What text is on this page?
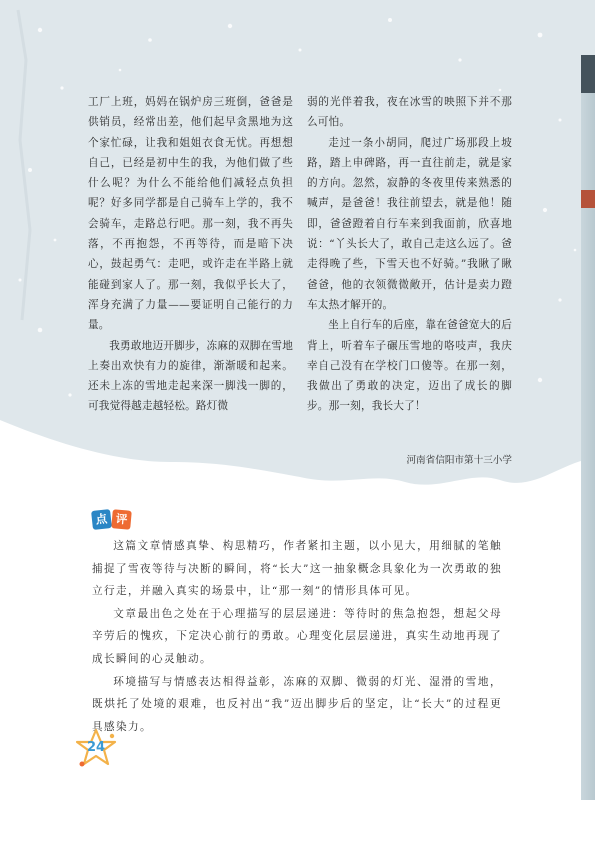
工厂上班，妈妈在锅炉房三班倒，爸爸是供销员，经常出差，他们起早贪黑地为这个家忙碌，让我和姐姐衣食无忧。再想想自己，已经是初中生的我，为他们做了些什么呢？为什么不能给他们减轻点负担呢？好多同学都是自己骑车上学的，我不会骑车，走路总行吧。那一刻，我不再失落，不再抱怨，不再等待，而是暗下决心，鼓起勇气：走吧，或许走在半路上就能碰到家人了。那一刻，我似乎长大了，浑身充满了力量——要证明自己能行的力量。

我勇敢地迈开脚步，冻麻的双脚在雪地上奏出欢快有力的旋律，渐渐暖和起来。还未上冻的雪地走起来深一脚浅一脚的，可我觉得越走越轻松。路灯微

弱的光伴着我，夜在冰雪的映照下并不那么可怕。

走过一条小胡同，爬过广场那段上坡路，踏上申碑路，再一直往前走，就是家的方向。忽然，寂静的冬夜里传来熟悉的喊声，是爸爸！我往前望去，就是他！随即，爸爸蹬着自行车来到我面前，欣喜地说：“丫头长大了，敢自己走这么远了。爸走得晚了些，下雪天也不好骑。”我瞅了瞅爸爸，他的衣领微微敞开，估计是卖力蹬车太热才解开的。

坐上自行车的后座，靠在爸爸宽大的后背上，听着车子碾压雪地的咯吱声，我庆幸自己没有在学校门口傻等。在那一刻，我做出了勇敢的决定，迈出了成长的脚步。那一刻，我长大了！

河南省信阳市第十三小学
点 评

这篇文章情感真挚、构思精巧，作者紧扣主题，以小见大，用细腻的笔触捕捉了雪夜等待与决断的瞬间，将“长大”这一抽象概念具象化为一次勇敢的独立行走，并融入真实的场景中，让“那一刻”的情形具体可见。

文章最出色之处在于心理描写的层层递进：等待时的焦急抱怨，想起父母辛劳后的愧疚，下定决心前行的勇敢。心理变化层层递进，真实生动地再现了成长瞬间的心灵触动。

环境描写与情感表达相得益彰，冻麻的双脚、微弱的灯光、湿滑的雪地，既烘托了处境的艰难，也反衬出“我”迈出脚步后的坚定，让“长大”的过程更具感染力。

24
